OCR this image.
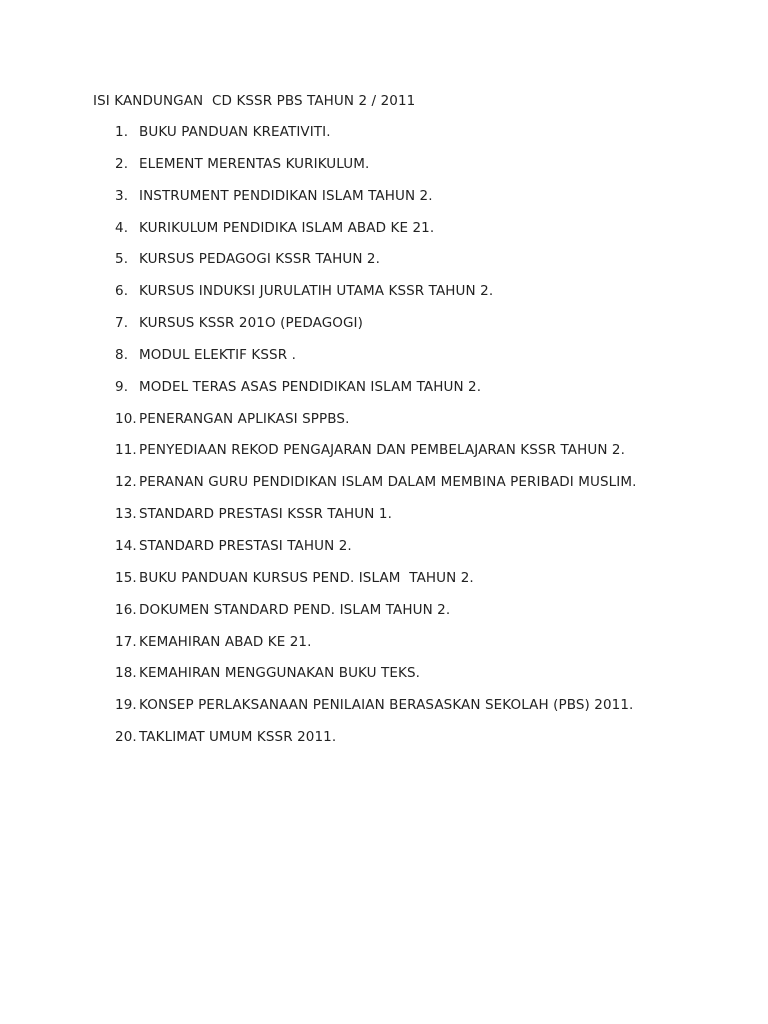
ISI KANDUNGAN  CD KSSR PBS TAHUN 2 / 2011
1. BUKU PANDUAN KREATIVITI.
2. ELEMENT MERENTAS KURIKULUM.
3. INSTRUMENT PENDIDIKAN ISLAM TAHUN 2.
4. KURIKULUM PENDIDIKA ISLAM ABAD KE 21.
5. KURSUS PEDAGOGI KSSR TAHUN 2.
6. KURSUS INDUKSI JURULATIH UTAMA KSSR TAHUN 2.
7. KURSUS KSSR 201O (PEDAGOGI)
8. MODUL ELEKTIF KSSR .
9. MODEL TERAS ASAS PENDIDIKAN ISLAM TAHUN 2.
10. PENERANGAN APLIKASI SPPBS.
11. PENYEDIAAN REKOD PENGAJARAN DAN PEMBELAJARAN KSSR TAHUN 2.
12. PERANAN GURU PENDIDIKAN ISLAM DALAM MEMBINA PERIBADI MUSLIM.
13. STANDARD PRESTASI KSSR TAHUN 1.
14. STANDARD PRESTASI TAHUN 2.
15. BUKU PANDUAN KURSUS PEND. ISLAM  TAHUN 2.
16. DOKUMEN STANDARD PEND. ISLAM TAHUN 2.
17. KEMAHIRAN ABAD KE 21.
18. KEMAHIRAN MENGGUNAKAN BUKU TEKS.
19. KONSEP PERLAKSANAAN PENILAIAN BERASASKAN SEKOLAH (PBS) 2011.
20. TAKLIMAT UMUM KSSR 2011.
